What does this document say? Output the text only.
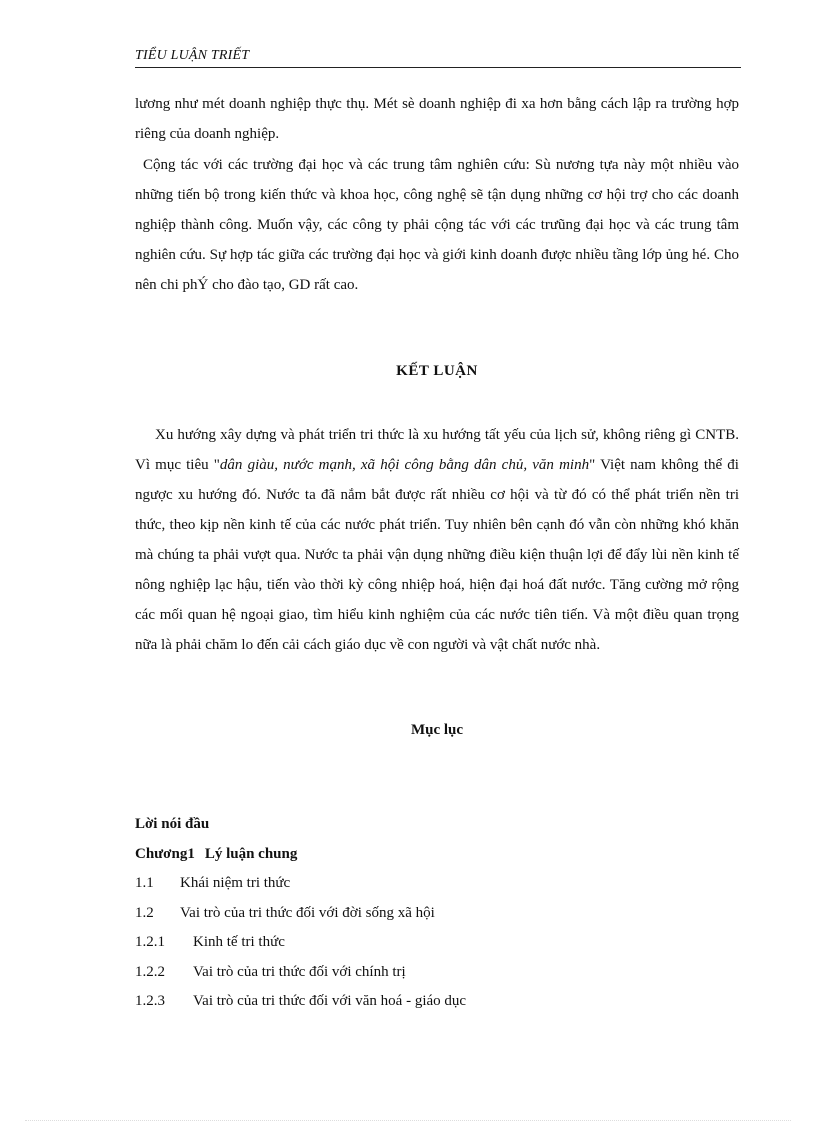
TIỂU LUẬN TRIẾT

lương như mét doanh nghiệp thực thụ. Mét sè doanh nghiệp đi xa hơn bằng cách lập ra trường hợp riêng của doanh nghiệp.

Cộng tác với các trường đại học và các trung tâm nghiên cứu: Sù nương tựa này một nhiều vào những tiến bộ trong kiến thức và khoa học, công nghệ sẽ tận dụng những cơ hội trợ cho các doanh nghiệp thành công. Muốn vậy, các công ty phải cộng tác với các trưũng đại học và các trung tâm nghiên cứu. Sự hợp tác giữa các trường đại học và giới kinh doanh được nhiều tầng lớp ủng hé. Cho nên chi phÝ cho đào tạo, GD rất cao.

KẾT LUẬN

Xu hướng xây dựng và phát triển tri thức là xu hướng tất yếu của lịch sử, không riêng gì CNTB. Vì mục tiêu "dân giàu, nước mạnh, xã hội công bằng dân chủ, văn minh" Việt nam không thể đi ngược xu hướng đó. Nước ta đã nắm bắt được rất nhiều cơ hội và từ đó có thể phát triển nền tri thức, theo kịp nền kinh tế của các nước phát triển. Tuy nhiên bên cạnh đó vẫn còn những khó khăn mà chúng ta phải vượt qua. Nước ta phải vận dụng những điều kiện thuận lợi để đẩy lùi nền kinh tế nông nghiệp lạc hậu, tiến vào thời kỳ công nhiệp hoá, hiện đại hoá đất nước. Tăng cường mở rộng các mối quan hệ ngoại giao, tìm hiểu kinh nghiệm của các nước tiên tiến. Và một điều quan trọng nữa là phải chăm lo đến cải cách giáo dục về con người và vật chất nước nhà.

Mục lục
Lời nói đầu
Chương1 Lý luận chung
1.1 Khái niệm tri thức
1.2 Vai trò của tri thức đối với đời sống xã hội
1.2.1 Kinh tế tri thức
1.2.2 Vai trò của tri thức đối với chính trị
1.2.3 Vai trò của tri thức đối với văn hoá - giáo dục
